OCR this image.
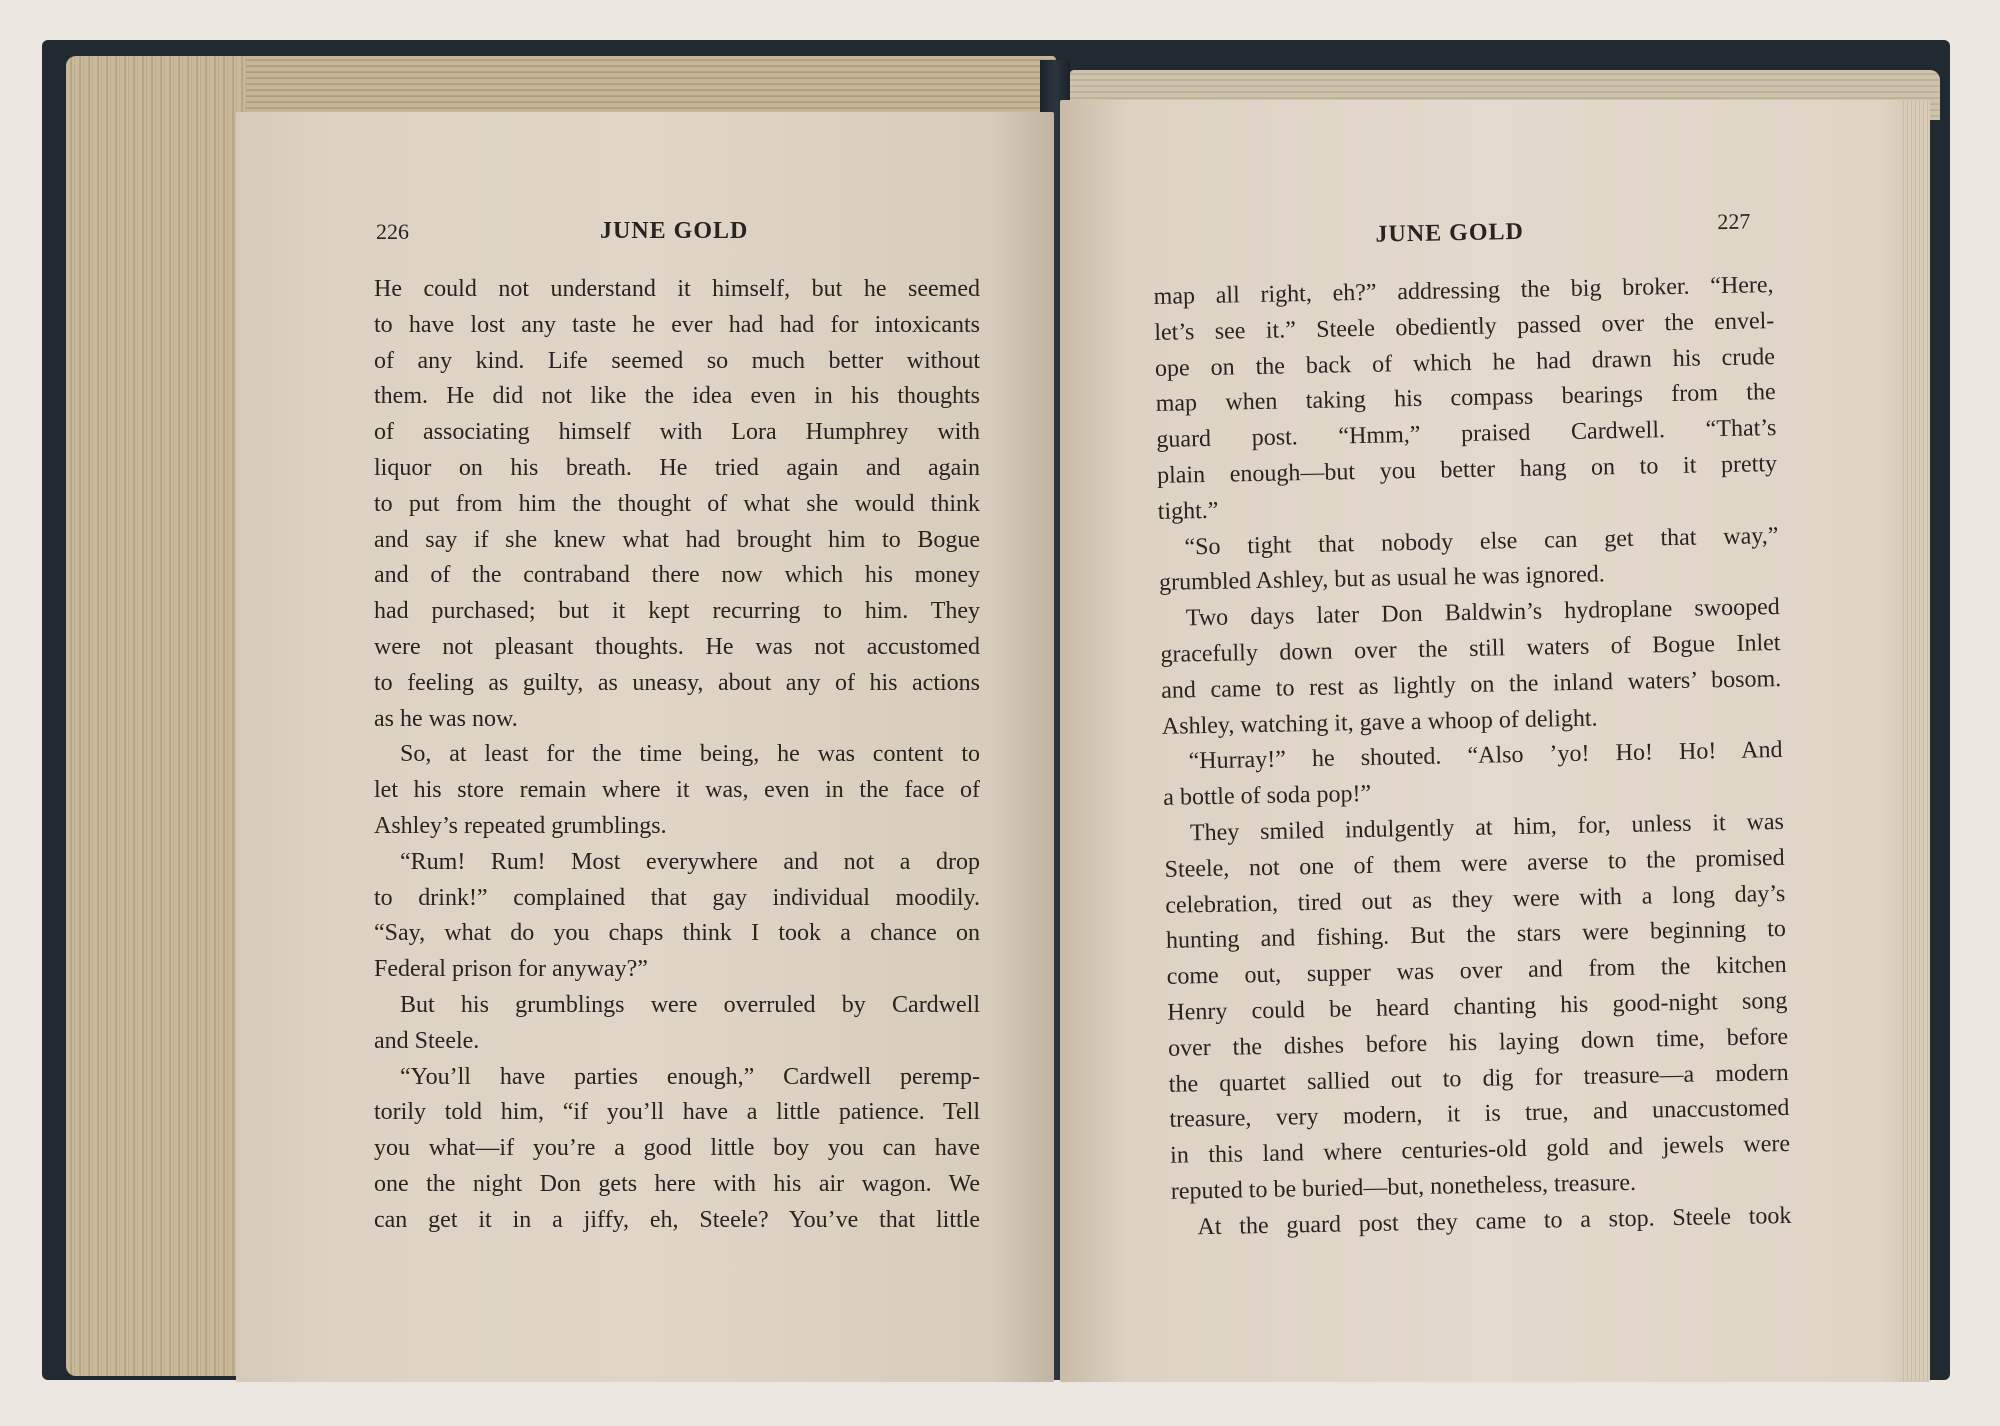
226	JUNE GOLD
He could not understand it himself, but he seemed
to have lost any taste he ever had had for intoxicants
of any kind. Life seemed so much better without
them. He did not like the idea even in his thoughts
of associating himself with Lora Humphrey with
liquor on his breath. He tried again and again
to put from him the thought of what she would think
and say if she knew what had brought him to Bogue
and of the contraband there now which his money
had purchased; but it kept recurring to him. They
were not pleasant thoughts. He was not accustomed
to feeling as guilty, as uneasy, about any of his actions
as he was now.
So, at least for the time being, he was content to
let his store remain where it was, even in the face of
Ashley’s repeated grumblings.
“Rum! Rum! Most everywhere and not a drop
to drink!” complained that gay individual moodily.
“Say, what do you chaps think I took a chance on
Federal prison for anyway?”
But his grumblings were overruled by Cardwell
and Steele.
“You’ll have parties enough,” Cardwell peremp-
torily told him, “if you’ll have a little patience. Tell
you what—if you’re a good little boy you can have
one the night Don gets here with his air wagon. We
can get it in a jiffy, eh, Steele? You’ve that little
JUNE GOLD	227
map all right, eh?” addressing the big broker. “Here,
let’s see it.” Steele obediently passed over the envel-
ope on the back of which he had drawn his crude
map when taking his compass bearings from the
guard post. “Hmm,” praised Cardwell. “That’s
plain enough—but you better hang on to it pretty
tight.”
“So tight that nobody else can get that way,”
grumbled Ashley, but as usual he was ignored.
Two days later Don Baldwin’s hydroplane swooped
gracefully down over the still waters of Bogue Inlet
and came to rest as lightly on the inland waters’ bosom.
Ashley, watching it, gave a whoop of delight.
“Hurray!” he shouted. “Also ’yo! Ho! Ho! And
a bottle of soda pop!”
They smiled indulgently at him, for, unless it was
Steele, not one of them were averse to the promised
celebration, tired out as they were with a long day’s
hunting and fishing. But the stars were beginning to
come out, supper was over and from the kitchen
Henry could be heard chanting his good-night song
over the dishes before his laying down time, before
the quartet sallied out to dig for treasure—a modern
treasure, very modern, it is true, and unaccustomed
in this land where centuries-old gold and jewels were
reputed to be buried—but, nonetheless, treasure.
At the guard post they came to a stop. Steele took
